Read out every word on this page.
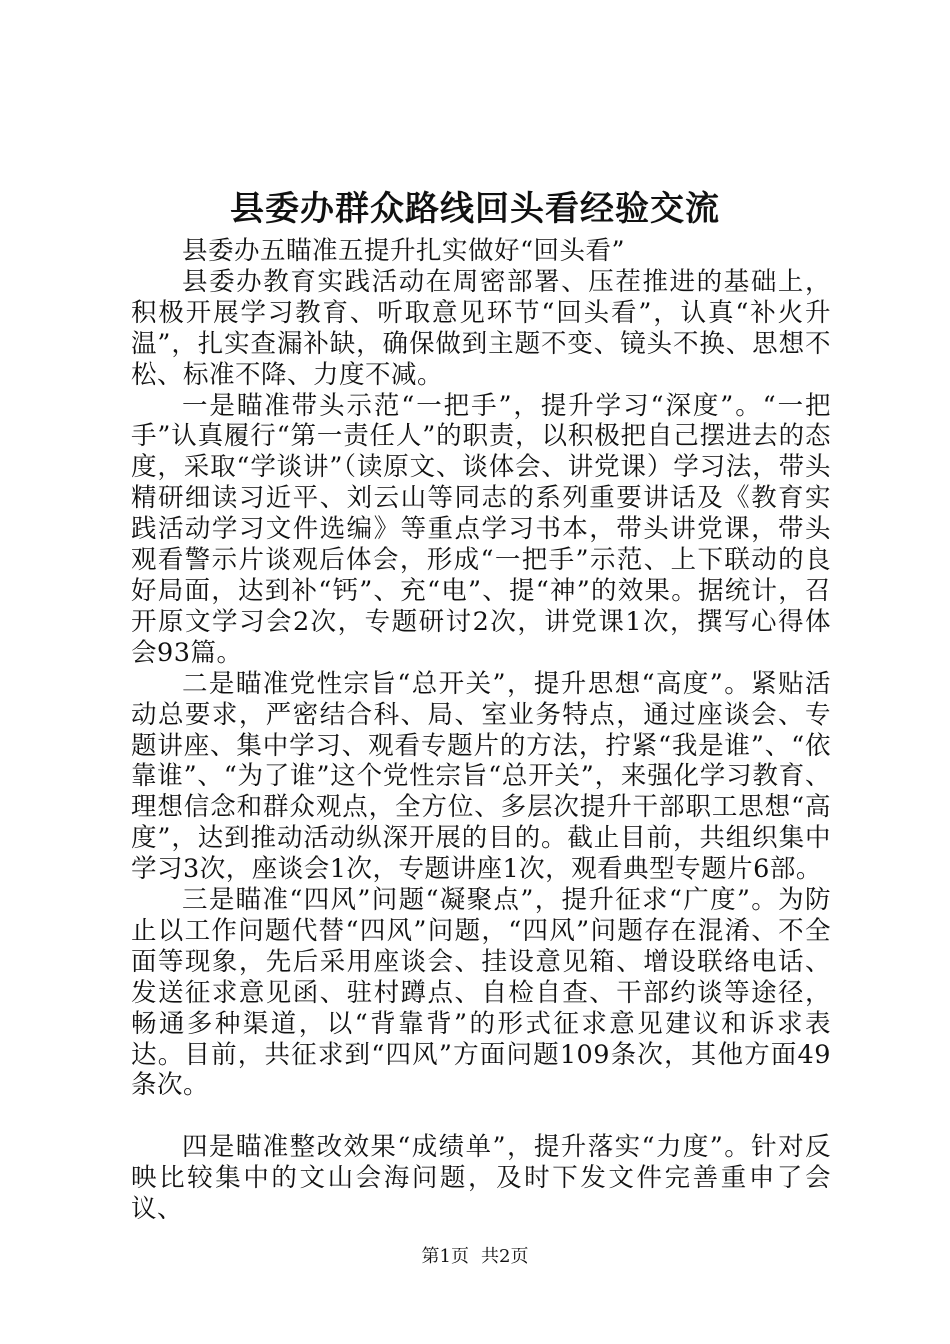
县委办群众路线回头看经验交流

县委办五瞄准五提升扎实做好“回头看”

县委办教育实践活动在周密部署、压茬推进的基础上，积极开展学习教育、听取意见环节“回头看”，认真“补火升温”，扎实查漏补缺，确保做到主题不变、镜头不换、思想不松、标准不降、力度不减。

一是瞄准带头示范“一把手”，提升学习“深度”。“一把手”认真履行“第一责任人”的职责，以积极把自己摆进去的态度，采取“学谈讲”（读原文、谈体会、讲党课）学习法，带头精研细读习近平、刘云山等同志的系列重要讲话及《教育实践活动学习文件选编》等重点学习书本，带头讲党课，带头观看警示片谈观后体会，形成“一把手”示范、上下联动的良好局面，达到补“钙”、充“电”、提“神”的效果。据统计，召开原文学习会2次，专题研讨2次，讲党课1次，撰写心得体会93篇。

二是瞄准党性宗旨“总开关”，提升思想“高度”。紧贴活动总要求，严密结合科、局、室业务特点，通过座谈会、专题讲座、集中学习、观看专题片的方法，拧紧“我是谁”、“依靠谁”、“为了谁”这个党性宗旨“总开关”，来强化学习教育、理想信念和群众观点，全方位、多层次提升干部职工思想“高度”，达到推动活动纵深开展的目的。截止目前，共组织集中学习3次，座谈会1次，专题讲座1次，观看典型专题片6部。

三是瞄准“四风”问题“凝聚点”，提升征求“广度”。为防止以工作问题代替“四风”问题，“四风”问题存在混淆、不全面等现象，先后采用座谈会、挂设意见箱、增设联络电话、发送征求意见函、驻村蹲点、自检自查、干部约谈等途径，畅通多种渠道，以“背靠背”的形式征求意见建议和诉求表达。目前，共征求到“四风”方面问题109条次，其他方面49条次。

四是瞄准整改效果“成绩单”，提升落实“力度”。针对反映比较集中的文山会海问题，及时下发文件完善重申了会议、

第1页 共2页
